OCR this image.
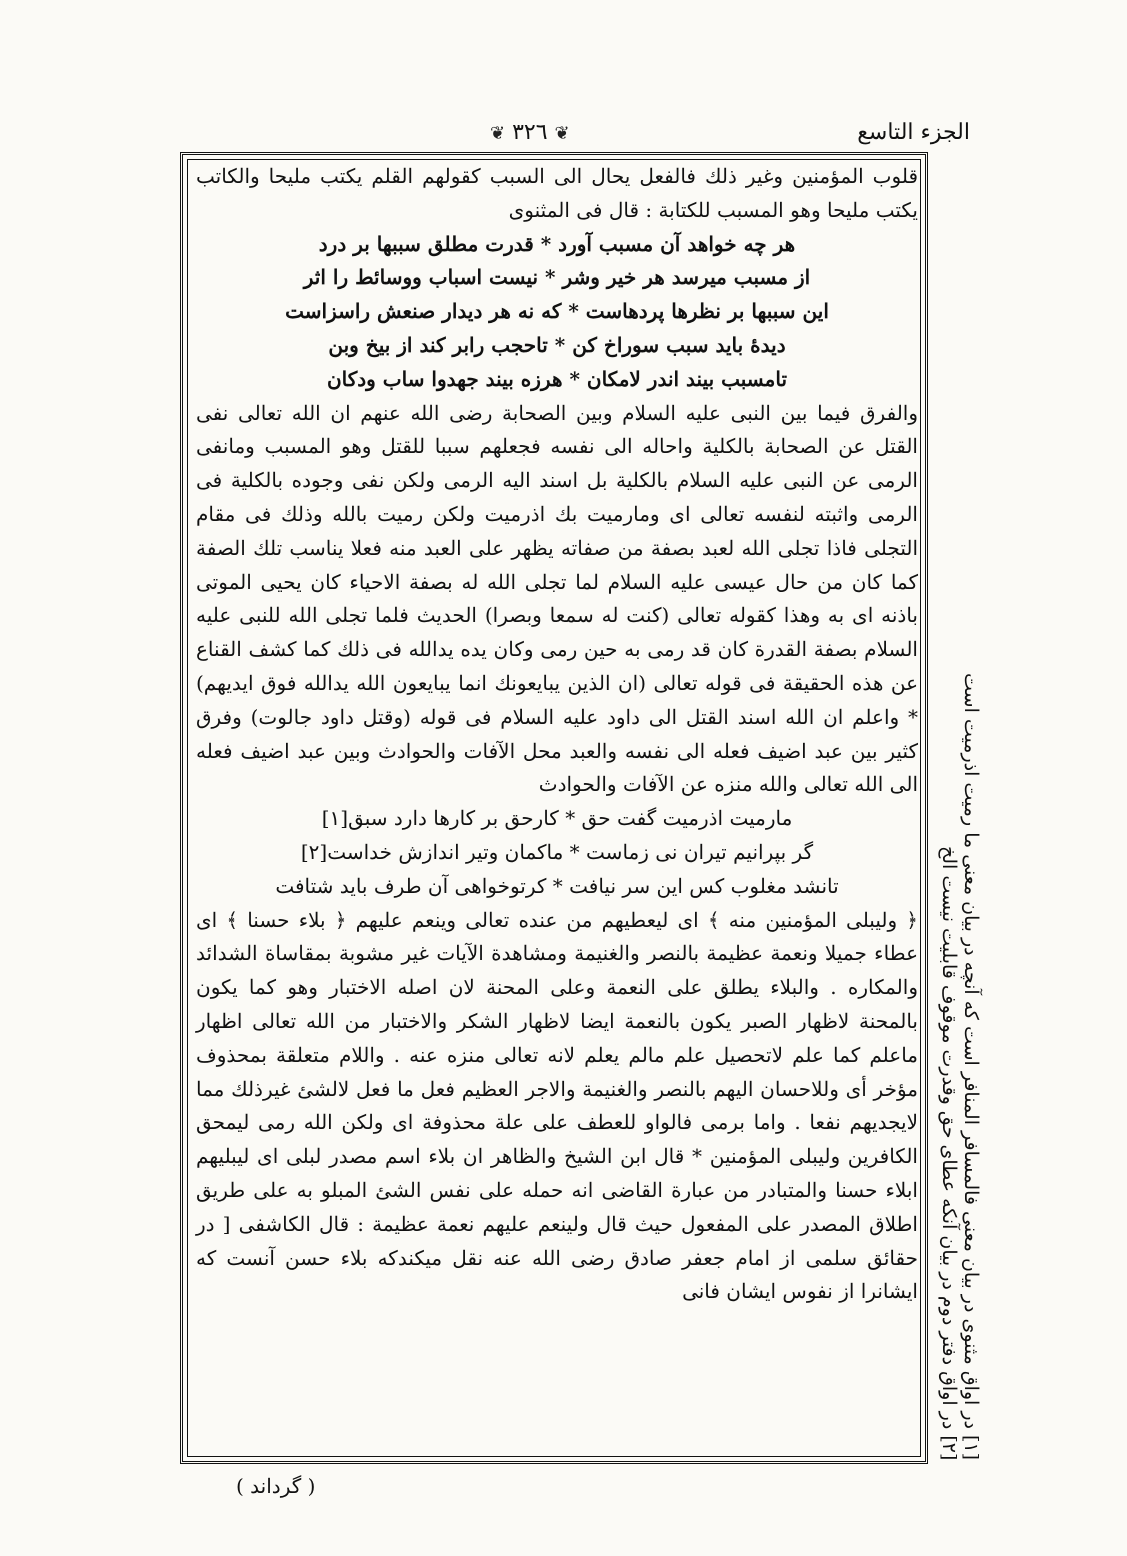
الجزء التاسع
❦ ٣٢٦ ❦

قلوب المؤمنين وغير ذلك فالفعل يحال الى السبب كقولهم القلم يكتب مليحا والكاتب يكتب مليحا وهو المسبب للكتابة : قال فى المثنوى

هر چه خواهد آن مسبب آورد * قدرت مطلق سببها بر درد

از مسبب ميرسد هر خير وشر * نيست اسباب ووسائط را اثر

اين سببها بر نظرها پردهاست * كه نه هر ديدار صنعش راسزاست

ديدهٔ بايد سبب سوراخ كن * تاحجب رابر كند از بيخ وبن

تامسبب بيند اندر لامكان * هرزه بيند جهدوا ساب ودكان

والفرق فيما بين النبى عليه السلام وبين الصحابة رضى الله عنهم ان الله تعالى نفى القتل عن الصحابة بالكلية واحاله الى نفسه فجعلهم سببا للقتل وهو المسبب ومانفى الرمى عن النبى عليه السلام بالكلية بل اسند اليه الرمى ولكن نفى وجوده بالكلية فى الرمى واثبته لنفسه تعالى اى ومارميت بك اذرميت ولكن رميت بالله وذلك فى مقام التجلى فاذا تجلى الله لعبد بصفة من صفاته يظهر على العبد منه فعلا يناسب تلك الصفة كما كان من حال عيسى عليه السلام لما تجلى الله له بصفة الاحياء كان يحيى الموتى باذنه اى به وهذا كقوله تعالى (كنت له سمعا وبصرا) الحديث فلما تجلى الله للنبى عليه السلام بصفة القدرة كان قد رمى به حين رمى وكان يده يدالله فى ذلك كما كشف القناع عن هذه الحقيقة فى قوله تعالى (ان الذين يبايعونك انما يبايعون الله يدالله فوق ايديهم) * واعلم ان الله اسند القتل الى داود عليه السلام فى قوله (وقتل داود جالوت) وفرق كثير بين عبد اضيف فعله الى نفسه والعبد محل الآفات والحوادث وبين عبد اضيف فعله الى الله تعالى والله منزه عن الآفات والحوادث

مارميت اذرميت گفت حق * كارحق بر كارها دارد سبق[١]

گر بپرانيم تيران نى زماست * ماكمان وتير اندازش خداست[٢]

تانشد مغلوب كس اين سر نيافت * كرتوخواهى آن طرف بايد شتافت

﴿ وليبلى المؤمنين منه ﴾ اى ليعطيهم من عنده تعالى وينعم عليهم ﴿ بلاء حسنا ﴾ اى عطاء جميلا ونعمة عظيمة بالنصر والغنيمة ومشاهدة الآيات غير مشوبة بمقاساة الشدائد والمكاره . والبلاء يطلق على النعمة وعلى المحنة لان اصله الاختبار وهو كما يكون بالمحنة لاظهار الصبر يكون بالنعمة ايضا لاظهار الشكر والاختبار من الله تعالى اظهار ماعلم كما علم لاتحصيل علم مالم يعلم لانه تعالى منزه عنه . واللام متعلقة بمحذوف مؤخر أى وللاحسان اليهم بالنصر والغنيمة والاجر العظيم فعل ما فعل لالشئ غيرذلك مما لايجديهم نفعا . واما برمى فالواو للعطف على علة محذوفة اى ولكن الله رمى ليمحق الكافرين وليبلى المؤمنين * قال ابن الشيخ والظاهر ان بلاء اسم مصدر لبلى اى ليبليهم ابلاء حسنا والمتبادر من عبارة القاضى انه حمله على نفس الشئ المبلو به على طريق اطلاق المصدر على المفعول حيث قال ولينعم عليهم نعمة عظيمة : قال الكاشفى [ در حقائق سلمى از امام جعفر صادق رضى الله عنه نقل ميكندكه بلاء حسن آنست كه ايشانرا از نفوس ايشان فانى [١] در اواق مثنوى در بيان معنى فالمسافر المنافر است كه آنچه در بيان معنى ما رميت اذرميت است
[٢] در اواق دفتر دوم در بيان آنكه عطاى حق وقدرت موقوف قابليت نيست الخ
( گرداند )
